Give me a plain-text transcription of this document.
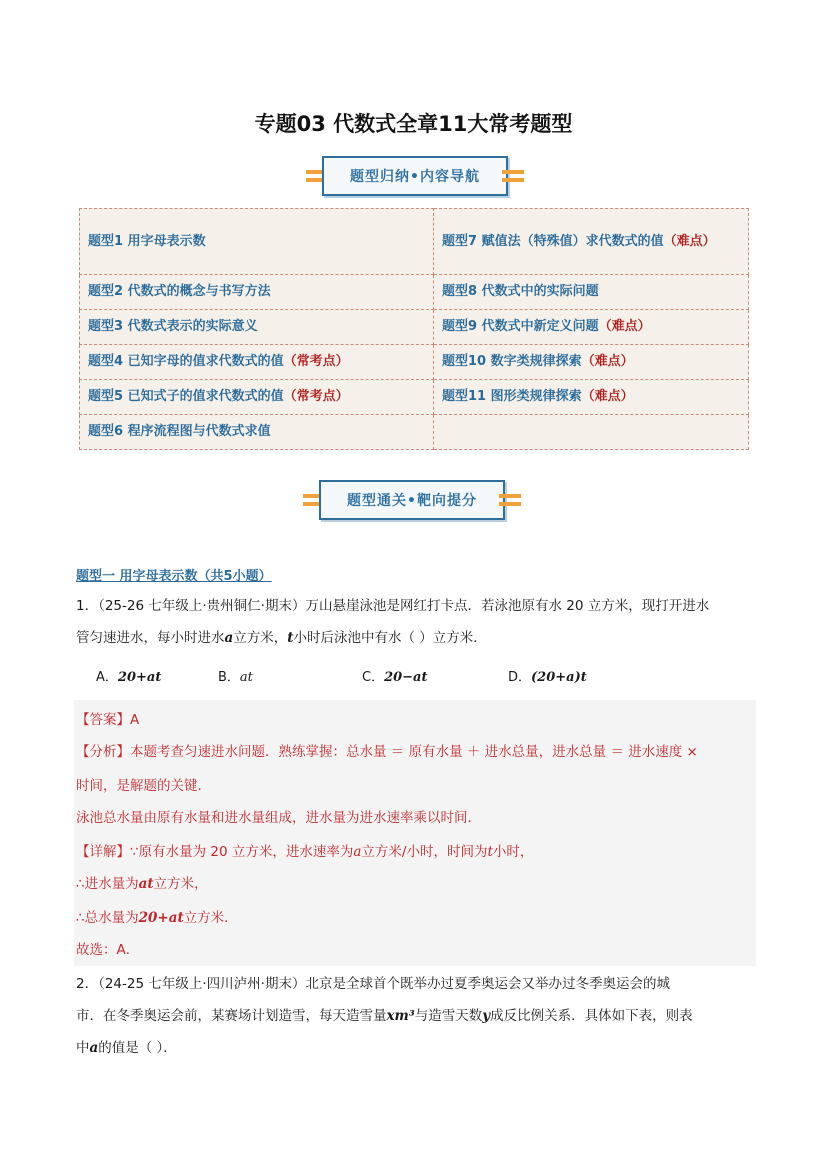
专题03 代数式全章11大常考题型
题型归纳•内容导航
题型1 用字母表示数	题型7 赋值法（特殊值）求代数式的值（难点）
题型2 代数式的概念与书写方法	题型8 代数式中的实际问题
题型3 代数式表示的实际意义	题型9 代数式中新定义问题（难点）
题型4 已知字母的值求代数式的值（常考点）	题型10 数字类规律探索（难点）
题型5 已知式子的值求代数式的值（常考点）	题型11 图形类规律探索（难点）
题型6 程序流程图与代数式求值	
题型通关•靶向提分
题型一 用字母表示数（共5小题）
1．（25-26 七年级上·贵州铜仁·期末）万山悬崖泳池是网红打卡点．若泳池原有水 20 立方米，现打开进水
管匀速进水，每小时进水a立方米，t小时后泳池中有水（ ）立方米．
A．20+at	B．at	C．20−at	D．(20+a)t
【答案】A
【分析】本题考查匀速进水问题．熟练掌握：总水量 ＝ 原有水量 ＋ 进水总量，进水总量 ＝ 进水速度 ×
时间，是解题的关键．
泳池总水量由原有水量和进水量组成，进水量为进水速率乘以时间．
【详解】∵原有水量为 20 立方米，进水速率为a立方米/小时，时间为t小时，
∴进水量为at立方米，
∴总水量为20+at立方米．
故选：A．
2．（24-25 七年级上·四川泸州·期末）北京是全球首个既举办过夏季奥运会又举办过冬季奥运会的城
市．在冬季奥运会前，某赛场计划造雪，每天造雪量xm³与造雪天数y成反比例关系．具体如下表，则表
中a的值是（ ）．
